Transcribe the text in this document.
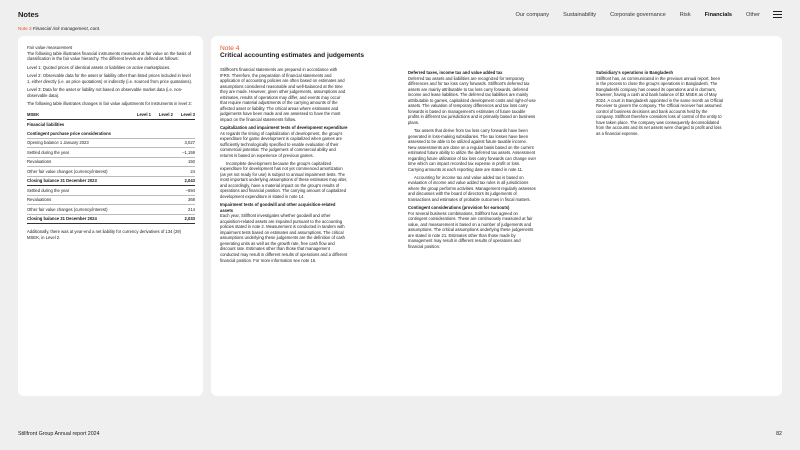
Notes	Our company	Sustainability	Corporate governance	Risk	Financials	Other
Note 3 Financial risk management, cont.

Fair value measurement

The following table illustrates financial instruments measured at fair value on the basis of classification in the fair value hierarchy. The different levels are defined as follows:

Level 1: Quoted prices of identical assets or liabilities on active marketplaces.

Level 2: Observable data for the asset or liability other than listed prices included in level 1, either directly (i.e. as price quotations) or indirectly (i.e. sourced from price quotations).

Level 3: Data for the asset or liability not based on observable market data (i.e. non-observable data).

The following table illustrates changes in fair value adjustments for instruments in level 3:

MSEK	Level 1	Level 2	Level 3
Financial liabilities			
Contingent purchase price considerations			
Opening balance 1 January 2023			3,027
Settled during the year			–1,159
Revaluations			150
Other fair value changes (currency/interest)			24
Closing balance 31 December 2023			2,043
Settled during the year			–594
Revaluations			368
Other fair value changes (currency/interest)			214
Closing balance 31 December 2024			2,033

Additionally, there was at year-end a net liability for currency derivatives of 134 (29) MSEK, in Level 2.

Note 4
Critical accounting estimates and judgements

Stillfront's financial statements are prepared in accordance with IFRS. Therefore, the preparation of financial statements and application of accounting policies are often based on estimates and assumptions considered reasonable and well-balanced at the time they are made. However, given other judgements, assumptions and estimates, results of operations may differ, and events may occur that require material adjustments of the carrying amounts of the affected asset or liability. The critical areas where estimates and judgements have been made and are assessed to have the most impact on the financial statements follow.

Capitalization and impairment tests of development expenditure

As regards the timing of capitalization of development, the group's expenditure for game development is capitalized when games are sufficiently technologically specified to enable evaluation of their commercial potential. The judgement of commercial ability and returns is based on experience of previous games.

Incomplete development because the group's capitalized expenditure for development has not yet commenced amortization (as yet not ready for use) is subject to annual impairment tests. The most important underlying assumptions of these estimates may alter, and accordingly, have a material impact on the group's results of operations and financial position. The carrying amount of capitalized development expenditure is stated in note 14.

Impairment tests of goodwill and other acquisition-related assets

Each year, Stillfront investigates whether goodwill and other acquisition-related assets are impaired pursuant to the accounting policies stated in note 2. Measurement is conducted in tandem with impairment tests based on estimates and assumptions. The critical assumptions underlying these judgements are the definition of cash generating units as well as the growth rate, free cash flow and discount rate. Estimates other than those that management conducted may result in different results of operations and a different financial position. For more information see note 15.

Deferred taxes, income tax and value added tax

Deferred tax assets and liabilities are recognized for temporary differences and for tax loss carry forwards. Stillfront's deferred tax assets are mainly attributable to tax loss carry forwards, deferred income and lease liabilities. The deferred tax liabilities are mainly attributable to games, capitalized development costs and right-of-use assets. The valuation of temporary differences and tax loss carry forwards is based on management's estimates of future taxable profits in different tax jurisdictions and is primarily based on business plans.

Tax assets that derive from tax loss carry forwards have been generated in loss-making subsidiaries. The tax losses have been assessed to be able to be utilized against future taxable income. New assessments are done on a regular basis based on the current estimated future ability to utilize the deferred tax assets. Assessment regarding future utilization of tax loss carry forwards can change over time which can impact recorded tax expense in profit or loss. Carrying amounts at each reporting date are stated in note 11.

Accounting for income tax and value added tax is based on evaluation of income and value added tax rules in all jurisdictions where the group performs activities. Management regularly assesses and discusses with the board of directors its judgements of transactions and estimates of probable outcomes in fiscal matters.

Contingent considerations (provision for earnouts)

For several business combinations, Stillfront has agreed on contingent considerations. These are continuously measured at fair value, and measurement is based on a number of judgements and assumptions. The critical assumptions underlying these judgements are stated in note 21. Estimates other than those made by management may result in different results of operations and financial position.

Subsidiary's operations in Bangladesh

Stillfront has, as communicated in the previous annual report, been in the process to close the group's operations in Bangladesh. The Bangladeshi company has ceased its operations and is dormant, however, having a cash and bank balance of $2 MSEK as of May 2024. A court in Bangladesh appointed in the same month an Official Receiver to govern the company. The Official receiver has assumed control of business decisions and bank accounts held by the company. Stillfront therefore considers loss of control of the entity to have taken place. The company was consequently deconsolidated from the accounts and its net assets were charged to profit and loss as a financial expense.

Stillfront Group Annual report 2024	82
